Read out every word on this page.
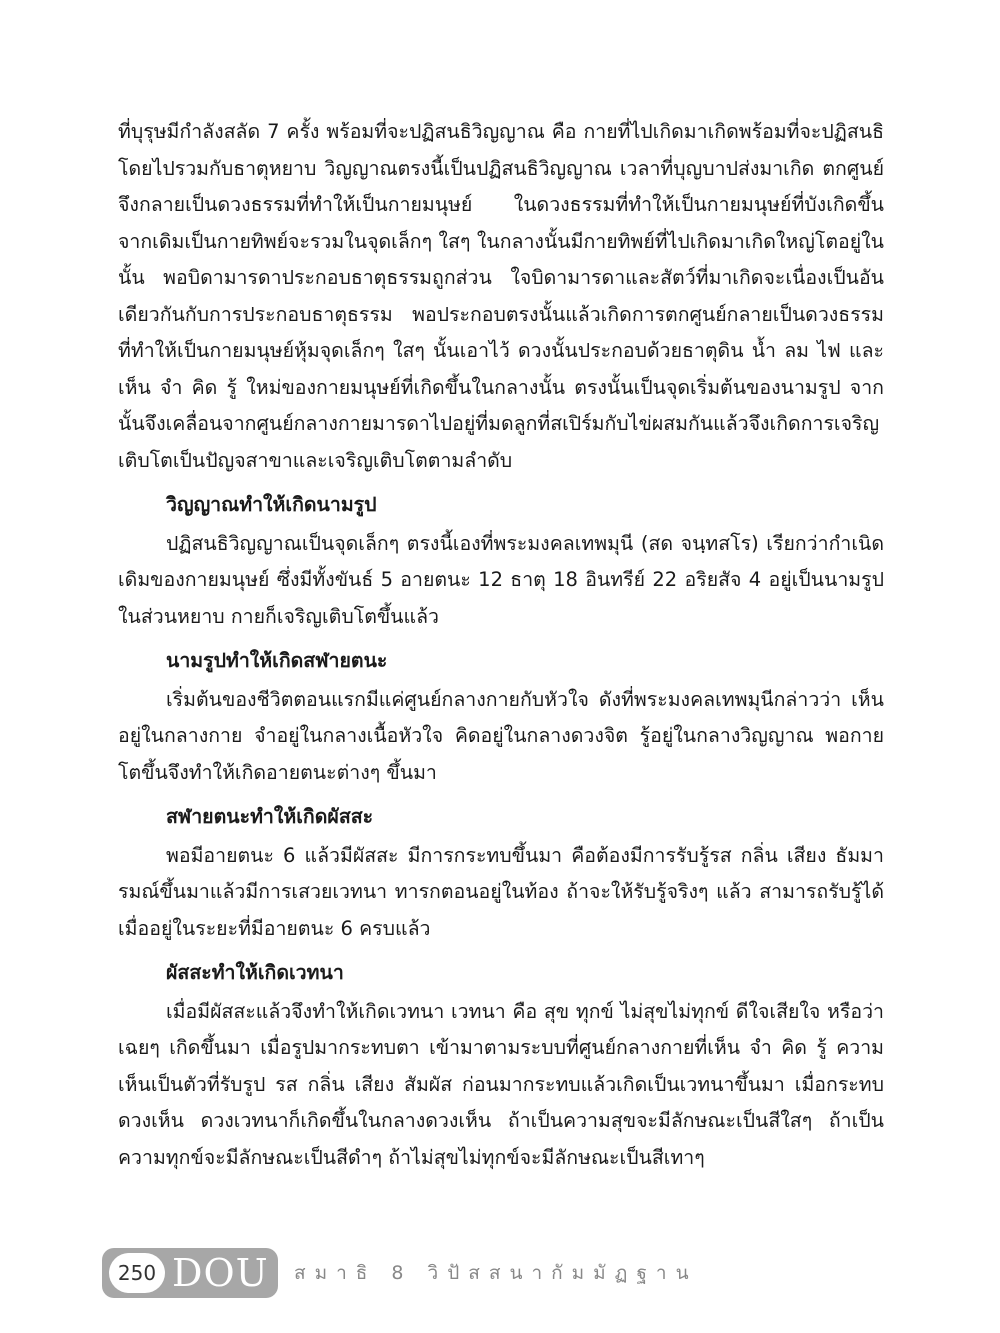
ที่บุรุษมีกำลังสลัด 7 ครั้ง พร้อมที่จะปฏิสนธิวิญญาณ คือ กายที่ไปเกิดมาเกิดพร้อมที่จะปฏิสนธิโดยไปรวมกับธาตุหยาบ วิญญาณตรงนี้เป็นปฏิสนธิวิญญาณ เวลาที่บุญบาปส่งมาเกิด ตกศูนย์จึงกลายเป็นดวงธรรมที่ทำให้เป็นกายมนุษย์ ในดวงธรรมที่ทำให้เป็นกายมนุษย์ที่บังเกิดขึ้น จากเดิมเป็นกายทิพย์จะรวมในจุดเล็กๆ ใสๆ ในกลางนั้นมีกายทิพย์ที่ไปเกิดมาเกิดใหญ่โตอยู่ในนั้น พอบิดามารดาประกอบธาตุธรรมถูกส่วน ใจบิดามารดาและสัตว์ที่มาเกิดจะเนื่องเป็นอันเดียวกันกับการประกอบธาตุธรรม พอประกอบตรงนั้นแล้วเกิดการตกศูนย์กลายเป็นดวงธรรม ที่ทำให้เป็นกายมนุษย์หุ้มจุดเล็กๆ ใสๆ นั้นเอาไว้ ดวงนั้นประกอบด้วยธาตุดิน น้ำ ลม ไฟ และเห็น จำ คิด รู้ ใหม่ของกายมนุษย์ที่เกิดขึ้นในกลางนั้น ตรงนั้นเป็นจุดเริ่มต้นของนามรูป จากนั้นจึงเคลื่อนจากศูนย์กลางกายมารดาไปอยู่ที่มดลูกที่สเปิร์มกับไข่ผสมกันแล้วจึงเกิดการเจริญเติบโตเป็นปัญจสาขาและเจริญเติบโตตามลำดับ

วิญญาณทำให้เกิดนามรูป

ปฏิสนธิวิญญาณเป็นจุดเล็กๆ ตรงนี้เองที่พระมงคลเทพมุนี (สด จนฺทสโร) เรียกว่ากำเนิดเดิมของกายมนุษย์ ซึ่งมีทั้งขันธ์ 5 อายตนะ 12 ธาตุ 18 อินทรีย์ 22 อริยสัจ 4 อยู่เป็นนามรูปในส่วนหยาบ กายก็เจริญเติบโตขึ้นแล้ว

นามรูปทำให้เกิดสฬายตนะ

เริ่มต้นของชีวิตตอนแรกมีแค่ศูนย์กลางกายกับหัวใจ ดังที่พระมงคลเทพมุนีกล่าวว่า เห็นอยู่ในกลางกาย จำอยู่ในกลางเนื้อหัวใจ คิดอยู่ในกลางดวงจิต รู้อยู่ในกลางวิญญาณ พอกายโตขึ้นจึงทำให้เกิดอายตนะต่างๆ ขึ้นมา

สฬายตนะทำให้เกิดผัสสะ

พอมีอายตนะ 6 แล้วมีผัสสะ มีการกระทบขึ้นมา คือต้องมีการรับรู้รส กลิ่น เสียง ธัมมารมณ์ขึ้นมาแล้วมีการเสวยเวทนา ทารกตอนอยู่ในท้อง ถ้าจะให้รับรู้จริงๆ แล้ว สามารถรับรู้ได้เมื่ออยู่ในระยะที่มีอายตนะ 6 ครบแล้ว

ผัสสะทำให้เกิดเวทนา

เมื่อมีผัสสะแล้วจึงทำให้เกิดเวทนา เวทนา คือ สุข ทุกข์ ไม่สุขไม่ทุกข์ ดีใจเสียใจ หรือว่าเฉยๆ เกิดขึ้นมา เมื่อรูปมากระทบตา เข้ามาตามระบบที่ศูนย์กลางกายที่เห็น จำ คิด รู้ ความเห็นเป็นตัวที่รับรูป รส กลิ่น เสียง สัมผัส ก่อนมากระทบแล้วเกิดเป็นเวทนาขึ้นมา เมื่อกระทบดวงเห็น ดวงเวทนาก็เกิดขึ้นในกลางดวงเห็น ถ้าเป็นความสุขจะมีลักษณะเป็นสีใสๆ ถ้าเป็นความทุกข์จะมีลักษณะเป็นสีดำๆ ถ้าไม่สุขไม่ทุกข์จะมีลักษณะเป็นสีเทาๆ

250 DOU สมาธิ 8 วิปัสสนากัมมัฏฐาน
